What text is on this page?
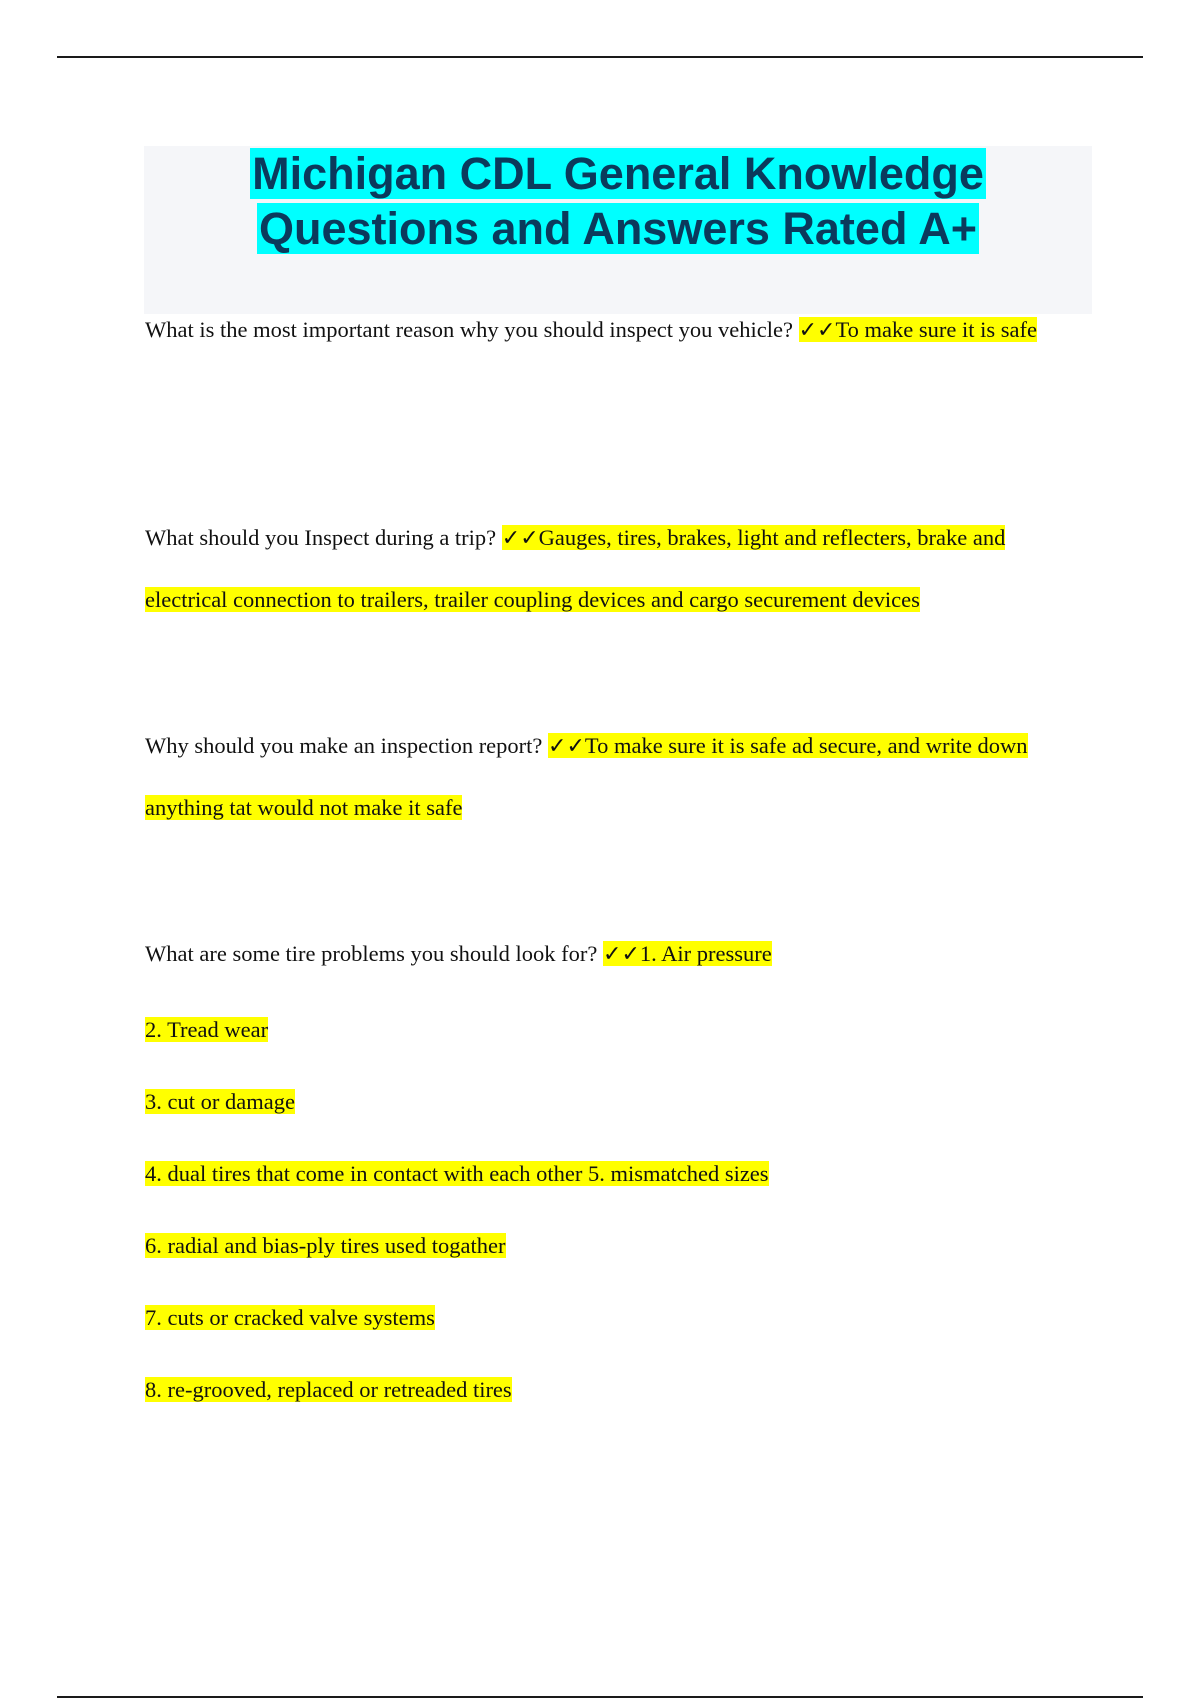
Michigan CDL General Knowledge
Questions and Answers Rated A+

What is the most important reason why you should inspect you vehicle? ✓✓To make sure it is safe

What should you Inspect during a trip? ✓✓Gauges, tires, brakes, light and reflecters, brake and electrical connection to trailers, trailer coupling devices and cargo securement devices

Why should you make an inspection report? ✓✓To make sure it is safe ad secure, and write down anything tat would not make it safe

What are some tire problems you should look for? ✓✓1. Air pressure

2. Tread wear
3. cut or damage
4. dual tires that come in contact with each other 5. mismatched sizes
6. radial and bias-ply tires used togather
7. cuts or cracked valve systems
8. re-grooved, replaced or retreaded tires
